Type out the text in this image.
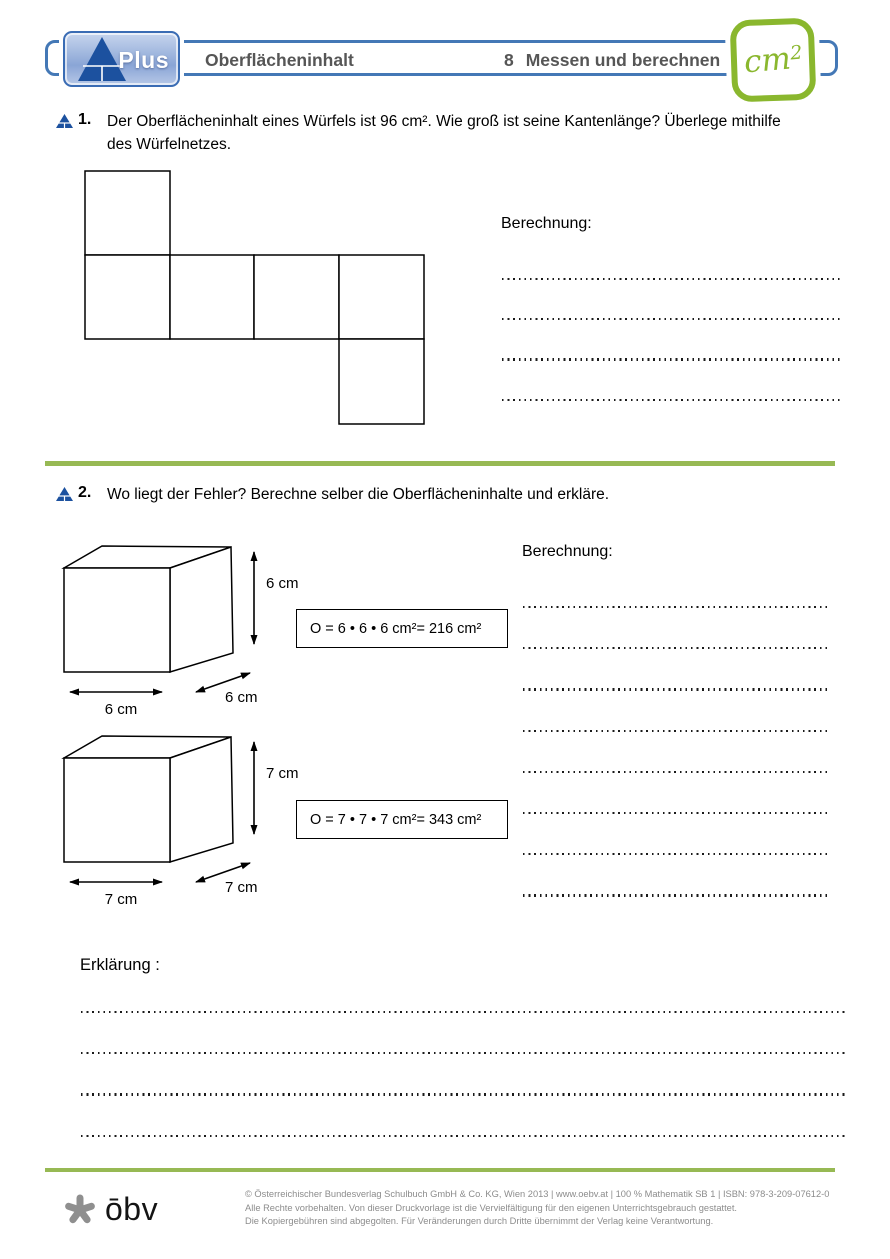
Plus Oberflächeninhalt	8 Messen und berechnen $cm^2$
1. Der Oberflächeninhalt eines Würfels ist 96 cm². Wie groß ist seine Kantenlänge? Überlege mithilfe des Würfelnetzes.
Berechnung:
2. Wo liegt der Fehler? Berechne selber die Oberflächeninhalte und erkläre.
6 cm
6 cm
6 cm
O = 6 • 6 • 6 cm²= 216 cm²
7 cm
7 cm
7 cm
O = 7 • 7 • 7 cm²= 343 cm²
Berechnung:
Erklärung :
ōbv	© Österreichischer Bundesverlag Schulbuch GmbH & Co. KG, Wien 2013 | www.oebv.at | 100 % Mathematik SB 1 | ISBN: 978-3-209-07612-0
Alle Rechte vorbehalten. Von dieser Druckvorlage ist die Vervielfältigung für den eigenen Unterrichtsgebrauch gestattet.
Die Kopiergebühren sind abgegolten. Für Veränderungen durch Dritte übernimmt der Verlag keine Verantwortung.
